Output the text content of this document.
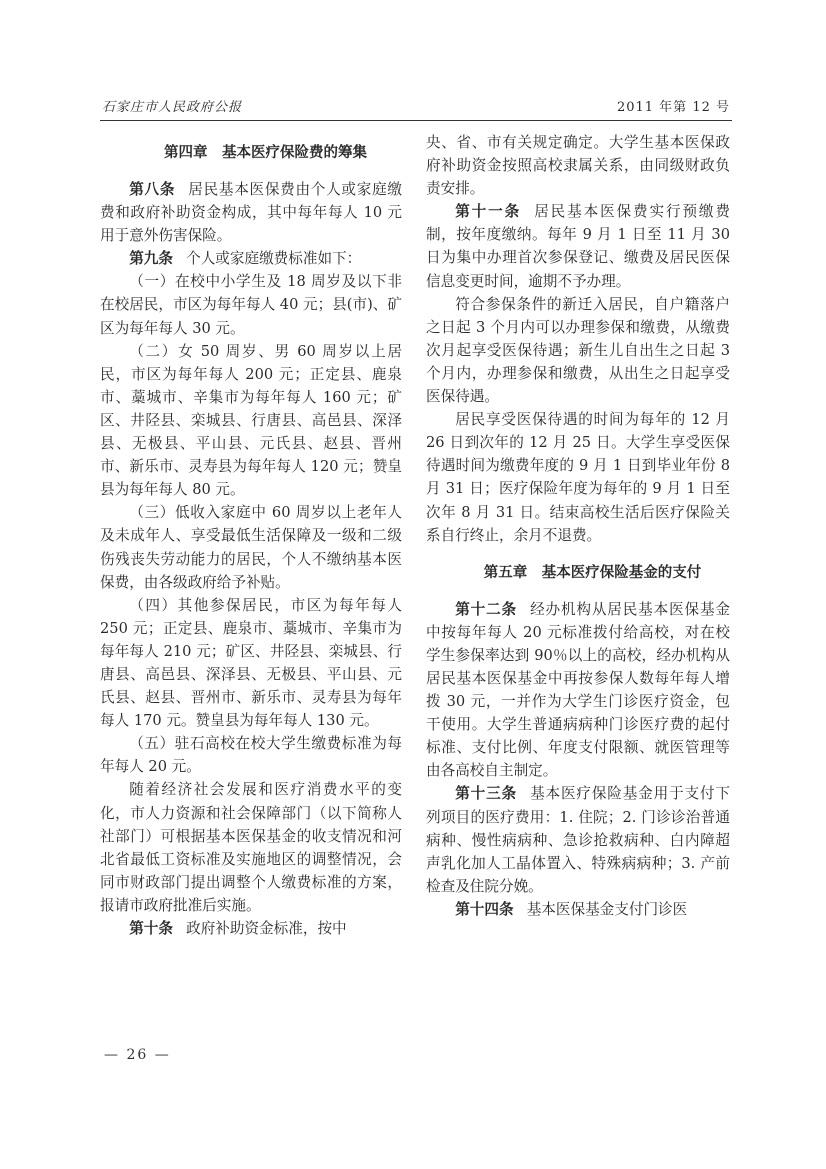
石家庄市人民政府公报	2011 年第 12 号

第四章　基本医疗保险费的筹集

第八条 居民基本医保费由个人或家庭缴费和政府补助资金构成，其中每年每人 10 元用于意外伤害保险。

第九条 个人或家庭缴费标准如下：

（一）在校中小学生及 18 周岁及以下非在校居民，市区为每年每人 40 元；县(市)、矿区为每年每人 30 元。

（二）女 50 周岁、男 60 周岁以上居民，市区为每年每人 200 元；正定县、鹿泉市、藁城市、辛集市为每年每人 160 元；矿区、井陉县、栾城县、行唐县、高邑县、深泽县、无极县、平山县、元氏县、赵县、晋州市、新乐市、灵寿县为每年每人 120 元；赞皇县为每年每人 80 元。

（三）低收入家庭中 60 周岁以上老年人及未成年人、享受最低生活保障及一级和二级伤残丧失劳动能力的居民，个人不缴纳基本医保费，由各级政府给予补贴。

（四）其他参保居民，市区为每年每人 250 元；正定县、鹿泉市、藁城市、辛集市为每年每人 210 元；矿区、井陉县、栾城县、行唐县、高邑县、深泽县、无极县、平山县、元氏县、赵县、晋州市、新乐市、灵寿县为每年每人 170 元。赞皇县为每年每人 130 元。

（五）驻石高校在校大学生缴费标准为每年每人 20 元。

随着经济社会发展和医疗消费水平的变化，市人力资源和社会保障部门（以下简称人社部门）可根据基本医保基金的收支情况和河北省最低工资标准及实施地区的调整情况，会同市财政部门提出调整个人缴费标准的方案，报请市政府批准后实施。

第十条 政府补助资金标准，按中

央、省、市有关规定确定。大学生基本医保政府补助资金按照高校隶属关系，由同级财政负责安排。

第十一条 居民基本医保费实行预缴费制，按年度缴纳。每年 9 月 1 日至 11 月 30 日为集中办理首次参保登记、缴费及居民医保信息变更时间，逾期不予办理。

符合参保条件的新迁入居民，自户籍落户之日起 3 个月内可以办理参保和缴费，从缴费次月起享受医保待遇；新生儿自出生之日起 3 个月内，办理参保和缴费，从出生之日起享受医保待遇。

居民享受医保待遇的时间为每年的 12 月 26 日到次年的 12 月 25 日。大学生享受医保待遇时间为缴费年度的 9 月 1 日到毕业年份 8 月 31 日；医疗保险年度为每年的 9 月 1 日至次年 8 月 31 日。结束高校生活后医疗保险关系自行终止，余月不退费。

第五章　基本医疗保险基金的支付

第十二条 经办机构从居民基本医保基金中按每年每人 20 元标准拨付给高校，对在校学生参保率达到 90％以上的高校，经办机构从居民基本医保基金中再按参保人数每年每人增拨 30 元，一并作为大学生门诊医疗资金，包干使用。大学生普通病病种门诊医疗费的起付标准、支付比例、年度支付限额、就医管理等由各高校自主制定。

第十三条 基本医疗保险基金用于支付下列项目的医疗费用：1. 住院；2. 门诊诊治普通病种、慢性病病种、急诊抢救病种、白内障超声乳化加人工晶体置入、特殊病病种；3. 产前检查及住院分娩。

第十四条 基本医保基金支付门诊医

— 26 —
